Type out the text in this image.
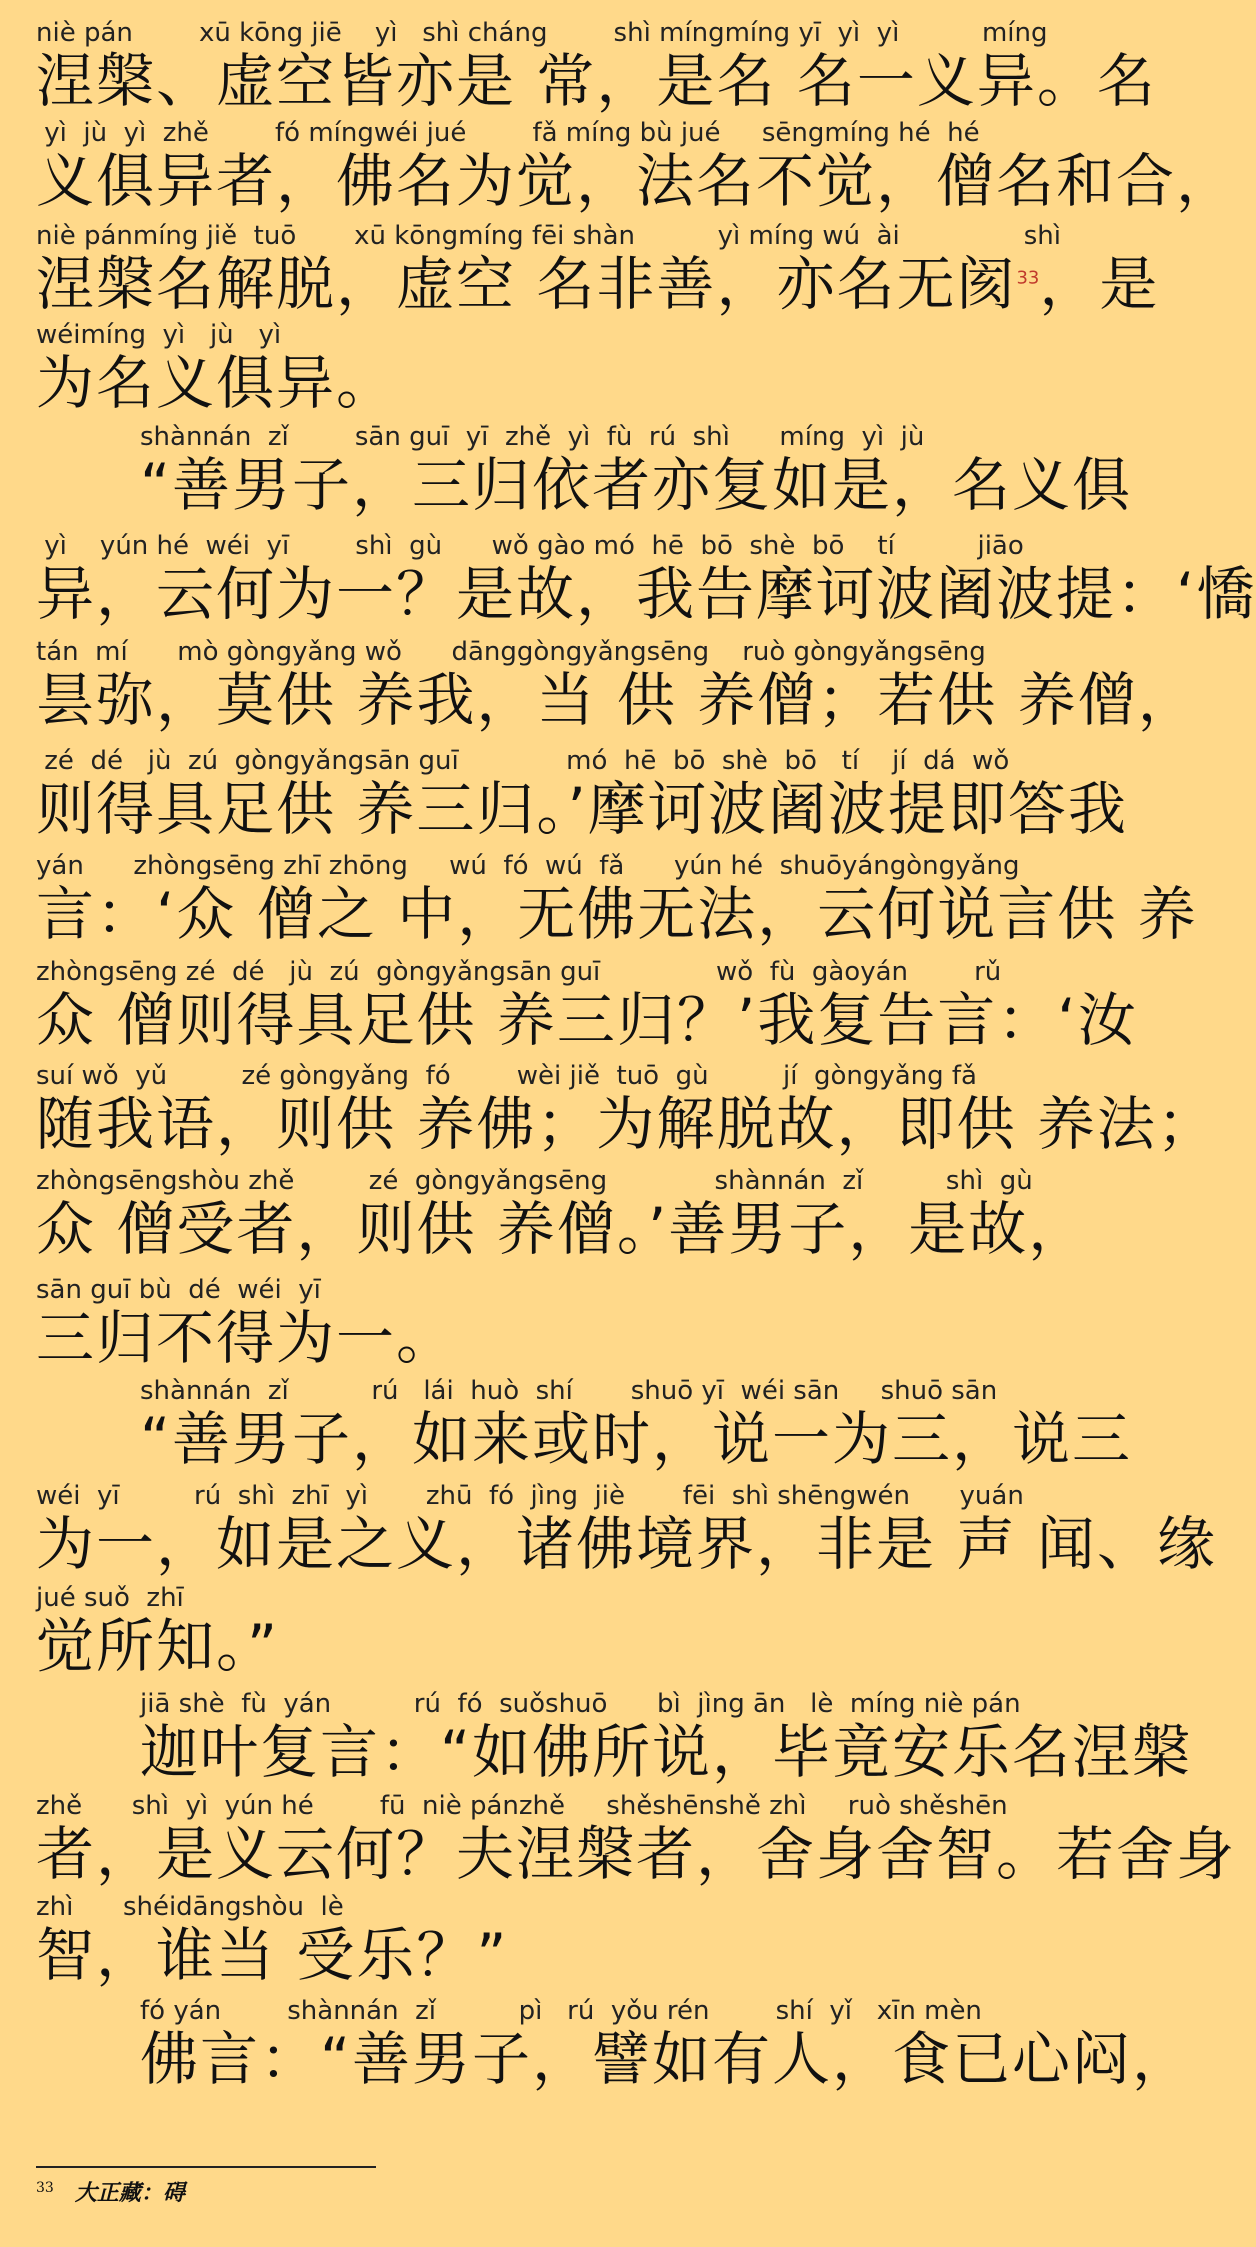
niè pán        xū kōng jiē    yì   shì cháng        shì míngmíng yī  yì  yì          míng
涅槃、虚空皆亦是 常，是名 名一义异。名
yì  jù  yì  zhě        fó míngwéi jué        fǎ míng bù jué     sēngmíng hé  hé
义俱异者，佛名为觉，法名不觉，僧名和合，
niè pánmíng jiě  tuō       xū kōngmíng fēi shàn          yì míng wú  ài               shì
涅槃名解脱，虚空 名非善，亦名无阂$^{33}$，是
wéimíng  yì   jù   yì
为名义俱异。
shànnán  zǐ        sān guī  yī  zhě  yì  fù  rú  shì      míng  yì  jù
“善男子，三归依者亦复如是，名义俱
yì    yún hé  wéi  yī        shì  gù      wǒ gào mó  hē  bō  shè  bō    tí          jiāo
异，云何为一？是故，我告摩诃波阇波提：‘憍
tán  mí      mò gòngyǎng wǒ      dānggòngyǎngsēng    ruò gòngyǎngsēng
昙弥，莫供 养我，当 供 养僧；若供 养僧，
zé  dé   jù  zú  gòngyǎngsān guī             mó  hē  bō  shè  bō   tí    jí  dá  wǒ
则得具足供 养三归。’摩诃波阇波提即答我
yán      zhòngsēng zhī zhōng     wú  fó  wú  fǎ      yún hé  shuōyángòngyǎng
言：‘众 僧之 中，无佛无法，云何说言供 养
zhòngsēng zé  dé   jù  zú  gòngyǎngsān guī              wǒ  fù  gàoyán        rǔ
众 僧则得具足供 养三归？’我复告言：‘汝
suí wǒ  yǔ         zé gòngyǎng  fó        wèi jiě  tuō  gù         jí  gòngyǎng fǎ
随我语，则供 养佛；为解脱故，即供 养法；
zhòngsēngshòu zhě         zé  gòngyǎngsēng             shànnán  zǐ          shì  gù
众 僧受者，则供 养僧。’善男子，是故，
sān guī bù  dé  wéi  yī
三归不得为一。
shànnán  zǐ          rú   lái  huò  shí       shuō yī  wéi sān     shuō sān
“善男子，如来或时，说一为三，说三
wéi  yī         rú  shì  zhī  yì       zhū  fó  jìng  jiè       fēi  shì shēngwén      yuán
为一，如是之义，诸佛境界，非是 声 闻、缘
jué suǒ  zhī
觉所知。”
jiā shè  fù  yán          rú  fó  suǒshuō      bì  jìng ān   lè  míng niè pán
迦叶复言：“如佛所说，毕竟安乐名涅槃
zhě      shì  yì  yún hé        fū  niè pánzhě     shěshēnshě zhì     ruò shěshēn
者，是义云何？夫涅槃者，舍身舍智。若舍身
zhì      shéidāngshòu  lè
智，谁当 受乐？”
fó yán        shànnán  zǐ          pì   rú  yǒu rén        shí  yǐ   xīn mèn
佛言：“善男子，譬如有人，食已心闷，
$^{33}$ 大正藏：碍
